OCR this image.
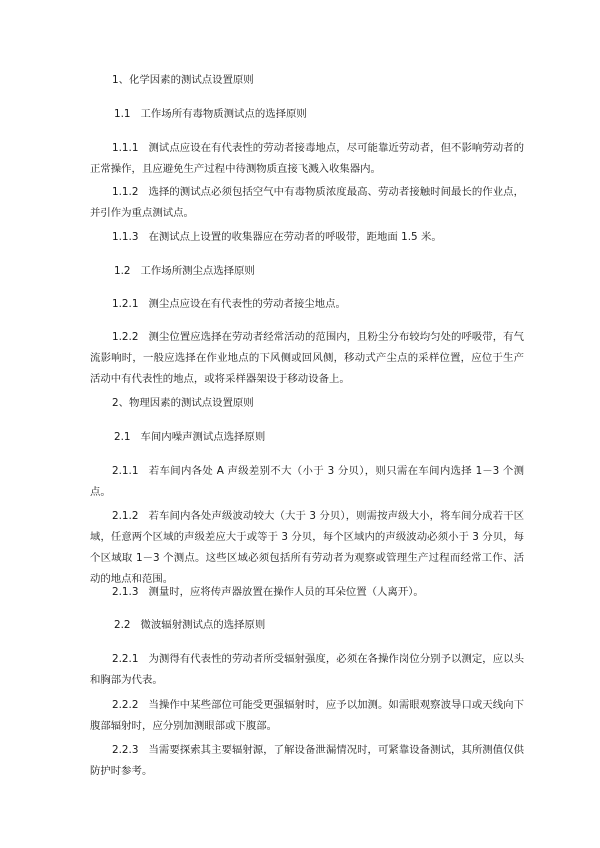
1、化学因素的测试点设置原则

1.1 工作场所有毒物质测试点的选择原则

1.1.1 测试点应设在有代表性的劳动者接毒地点，尽可能靠近劳动者，但不影响劳动者的正常操作，且应避免生产过程中待测物质直接飞溅入收集器内。

1.1.2 选择的测试点必须包括空气中有毒物质浓度最高、劳动者接触时间最长的作业点，并引作为重点测试点。

1.1.3 在测试点上设置的收集器应在劳动者的呼吸带，距地面 1.5 米。

1.2 工作场所测尘点选择原则

1.2.1 测尘点应设在有代表性的劳动者接尘地点。

1.2.2 测尘位置应选择在劳动者经常活动的范围内，且粉尘分布较均匀处的呼吸带，有气流影响时，一般应选择在作业地点的下风侧或回风侧，移动式产尘点的采样位置，应位于生产活动中有代表性的地点，或将采样器架设于移动设备上。

2、物理因素的测试点设置原则

2.1 车间内噪声测试点选择原则

2.1.1 若车间内各处 A 声级差别不大（小于 3 分贝），则只需在车间内选择 1－3 个测点。

2.1.2 若车间内各处声级波动较大（大于 3 分贝），则需按声级大小，将车间分成若干区域，任意两个区域的声级差应大于或等于 3 分贝，每个区域内的声级波动必须小于 3 分贝，每个区域取 1－3 个测点。这些区域必须包括所有劳动者为观察或管理生产过程而经常工作、活动的地点和范围。

2.1.3 测量时，应将传声器放置在操作人员的耳朵位置（人离开）。

2.2 微波辐射测试点的选择原则

2.2.1 为测得有代表性的劳动者所受辐射强度，必须在各操作岗位分别予以测定，应以头和胸部为代表。

2.2.2 当操作中某些部位可能受更强辐射时，应予以加测。如需眼观察波导口或天线向下腹部辐射时，应分别加测眼部或下腹部。

2.2.3 当需要探索其主要辐射源，了解设备泄漏情况时，可紧靠设备测试，其所测值仅供防护时参考。
